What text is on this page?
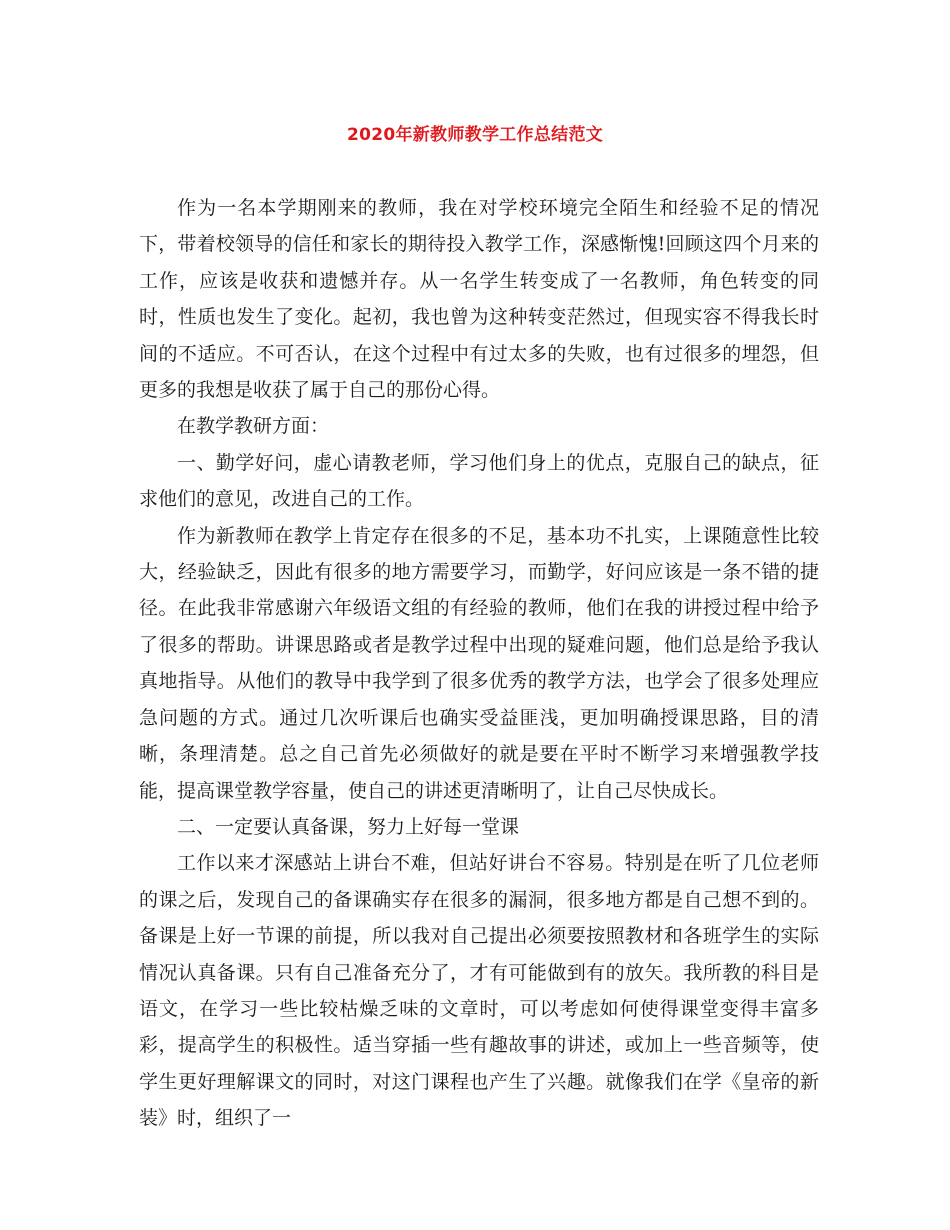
2020年新教师教学工作总结范文

作为一名本学期刚来的教师，我在对学校环境完全陌生和经验不足的情况下，带着校领导的信任和家长的期待投入教学工作，深感惭愧!回顾这四个月来的工作，应该是收获和遗憾并存。从一名学生转变成了一名教师，角色转变的同时，性质也发生了变化。起初，我也曾为这种转变茫然过，但现实容不得我长时间的不适应。不可否认，在这个过程中有过太多的失败，也有过很多的埋怨，但更多的我想是收获了属于自己的那份心得。

在教学教研方面：

一、勤学好问，虚心请教老师，学习他们身上的优点，克服自己的缺点，征求他们的意见，改进自己的工作。

作为新教师在教学上肯定存在很多的不足，基本功不扎实，上课随意性比较大，经验缺乏，因此有很多的地方需要学习，而勤学，好问应该是一条不错的捷径。在此我非常感谢六年级语文组的有经验的教师，他们在我的讲授过程中给予了很多的帮助。讲课思路或者是教学过程中出现的疑难问题，他们总是给予我认真地指导。从他们的教导中我学到了很多优秀的教学方法，也学会了很多处理应急问题的方式。通过几次听课后也确实受益匪浅，更加明确授课思路，目的清晰，条理清楚。总之自己首先必须做好的就是要在平时不断学习来增强教学技能，提高课堂教学容量，使自己的讲述更清晰明了，让自己尽快成长。

二、一定要认真备课，努力上好每一堂课

工作以来才深感站上讲台不难，但站好讲台不容易。特别是在听了几位老师的课之后，发现自己的备课确实存在很多的漏洞，很多地方都是自己想不到的。备课是上好一节课的前提，所以我对自己提出必须要按照教材和各班学生的实际情况认真备课。只有自己准备充分了，才有可能做到有的放矢。我所教的科目是语文，在学习一些比较枯燥乏味的文章时，可以考虑如何使得课堂变得丰富多彩，提高学生的积极性。适当穿插一些有趣故事的讲述，或加上一些音频等，使学生更好理解课文的同时，对这门课程也产生了兴趣。就像我们在学《皇帝的新装》时，组织了一
